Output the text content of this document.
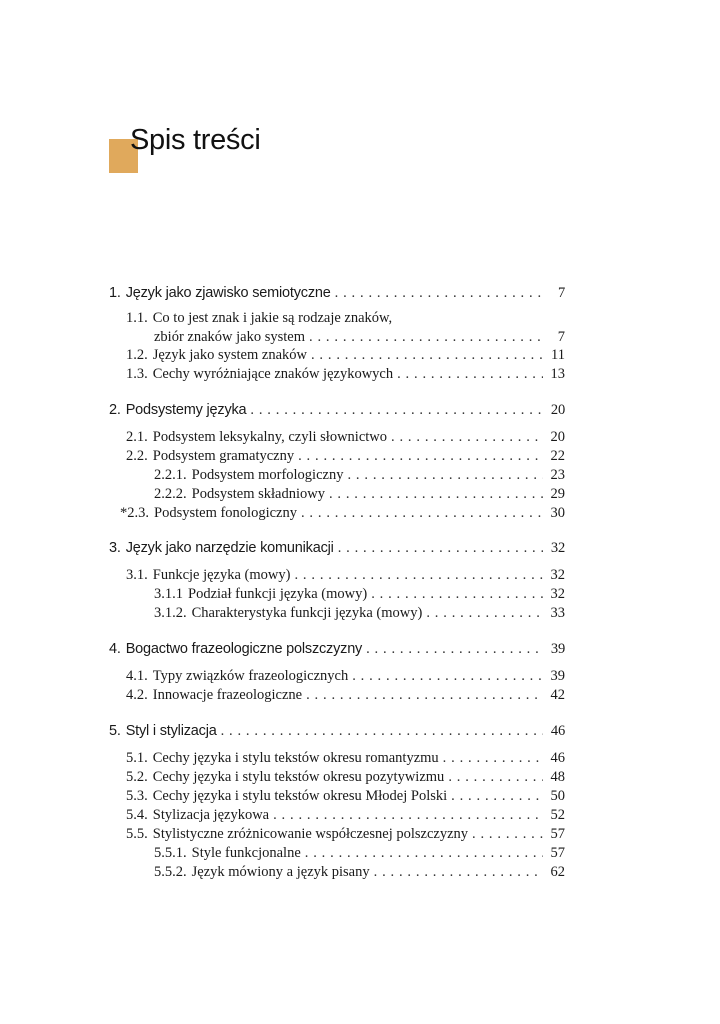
Spis treści
1. Język jako zjawisko semiotyczne . . .	7
1.1. Co to jest znak i jakie są rodzaje znaków,
zbiór znaków jako system . . .	7
1.2. Język jako system znaków . . .	11
1.3. Cechy wyróżniające znaków językowych . . .	13
2. Podsystemy języka . . .	20
2.1. Podsystem leksykalny, czyli słownictwo . . .	20
2.2. Podsystem gramatyczny . . .	22
2.2.1. Podsystem morfologiczny . . .	23
2.2.2. Podsystem składniowy . . .	29
*2.3. Podsystem fonologiczny . . .	30
3. Język jako narzędzie komunikacji . . .	32
3.1. Funkcje języka (mowy) . . .	32
3.1.1 Podział funkcji języka (mowy) . . .	32
3.1.2. Charakterystyka funkcji języka (mowy) . . .	33
4. Bogactwo frazeologiczne polszczyzny . . .	39
4.1. Typy związków frazeologicznych . . .	39
4.2. Innowacje frazeologiczne . . .	42
5. Styl i stylizacja . . .	46
5.1. Cechy języka i stylu tekstów okresu romantyzmu . . .	46
5.2. Cechy języka i stylu tekstów okresu pozytywizmu . . .	48
5.3. Cechy języka i stylu tekstów okresu Młodej Polski . . .	50
5.4. Stylizacja językowa . . .	52
5.5. Stylistyczne zróżnicowanie współczesnej polszczyzny . . .	57
5.5.1. Style funkcjonalne . . .	57
5.5.2. Język mówiony a język pisany . . .	62
